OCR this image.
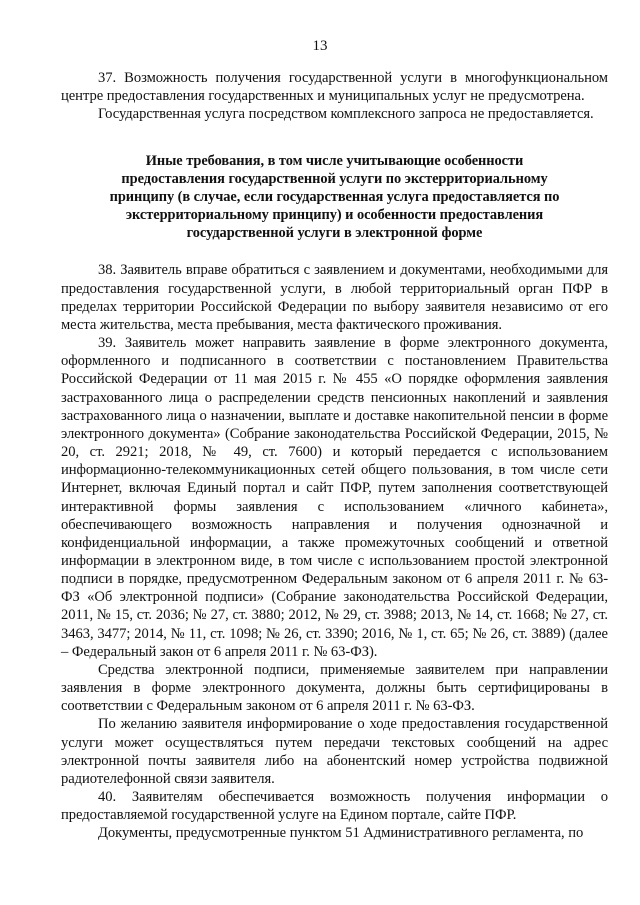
13

37. Возможность получения государственной услуги в многофункциональном центре предоставления государственных и муниципальных услуг не предусмотрена.

Государственная услуга посредством комплексного запроса не предоставляется.

Иные требования, в том числе учитывающие особенности предоставления государственной услуги по экстерриториальному принципу (в случае, если государственная услуга предоставляется по экстерриториальному принципу) и особенности предоставления государственной услуги в электронной форме

38. Заявитель вправе обратиться с заявлением и документами, необходимыми для предоставления государственной услуги, в любой территориальный орган ПФР в пределах территории Российской Федерации по выбору заявителя независимо от его места жительства, места пребывания, места фактического проживания.

39. Заявитель может направить заявление в форме электронного документа, оформленного и подписанного в соответствии с постановлением Правительства Российской Федерации от 11 мая 2015 г. № 455 «О порядке оформления заявления застрахованного лица о распределении средств пенсионных накоплений и заявления застрахованного лица о назначении, выплате и доставке накопительной пенсии в форме электронного документа» (Собрание законодательства Российской Федерации, 2015, № 20, ст. 2921; 2018, № 49, ст. 7600) и который передается с использованием информационно-телекоммуникационных сетей общего пользования, в том числе сети Интернет, включая Единый портал и сайт ПФР, путем заполнения соответствующей интерактивной формы заявления с использованием «личного кабинета», обеспечивающего возможность направления и получения однозначной и конфиденциальной информации, а также промежуточных сообщений и ответной информации в электронном виде, в том числе с использованием простой электронной подписи в порядке, предусмотренном Федеральным законом от 6 апреля 2011 г. № 63-ФЗ «Об электронной подписи» (Собрание законодательства Российской Федерации, 2011, № 15, ст. 2036; № 27, ст. 3880; 2012, № 29, ст. 3988; 2013, № 14, ст. 1668; № 27, ст. 3463, 3477; 2014, № 11, ст. 1098; № 26, ст. 3390; 2016, № 1, ст. 65; № 26, ст. 3889) (далее – Федеральный закон от 6 апреля 2011 г. № 63-ФЗ).

Средства электронной подписи, применяемые заявителем при направлении заявления в форме электронного документа, должны быть сертифицированы в соответствии с Федеральным законом от 6 апреля 2011 г. № 63-ФЗ.

По желанию заявителя информирование о ходе предоставления государственной услуги может осуществляться путем передачи текстовых сообщений на адрес электронной почты заявителя либо на абонентский номер устройства подвижной радиотелефонной связи заявителя.

40. Заявителям обеспечивается возможность получения информации о предоставляемой государственной услуге на Едином портале, сайте ПФР.

Документы, предусмотренные пунктом 51 Административного регламента, по
